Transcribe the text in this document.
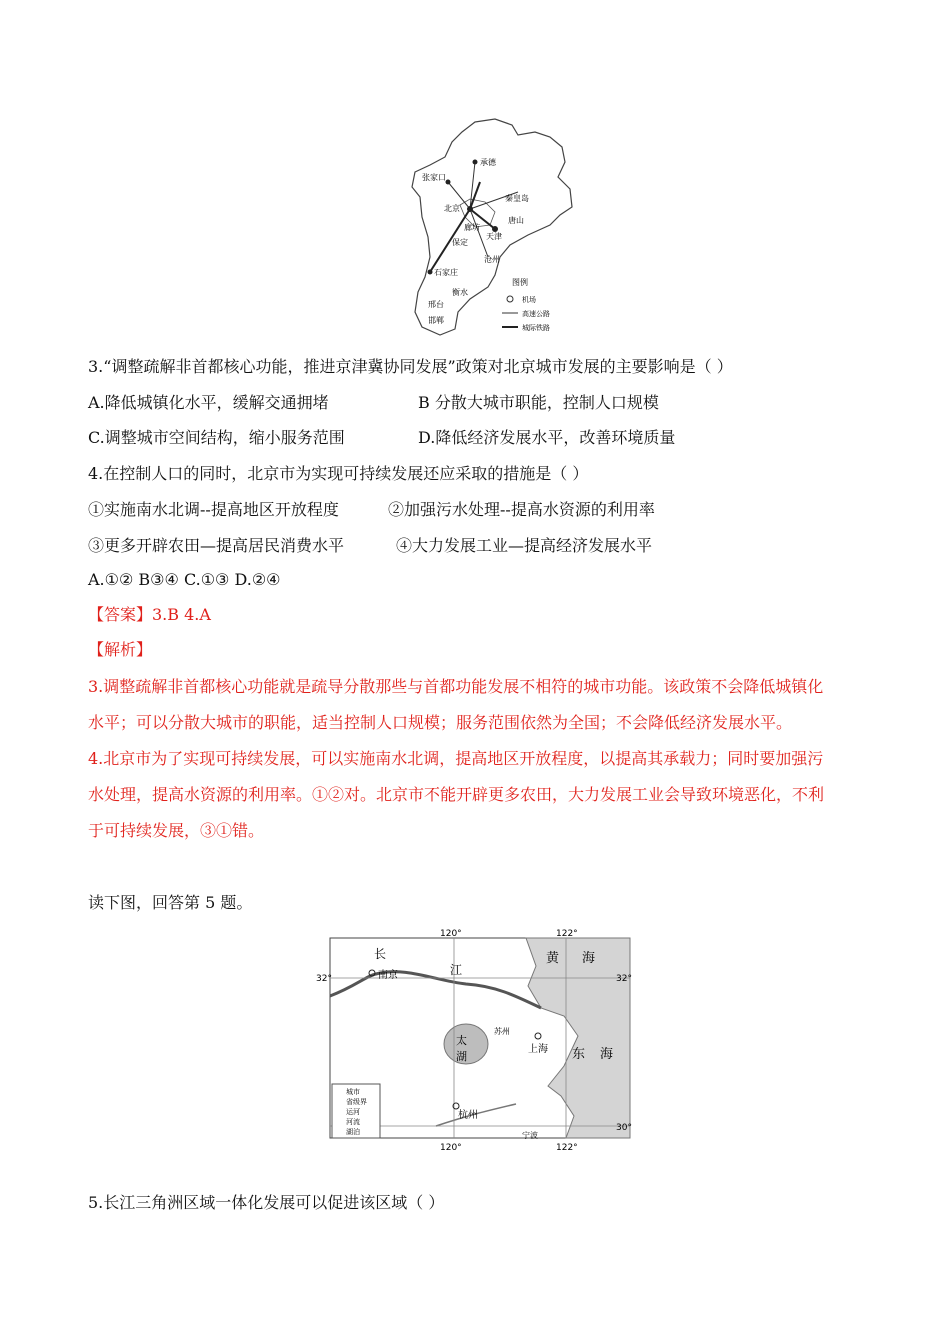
承德
张家口
北京
秦皇岛
唐山
廊坊
天津
保定
沧州
石家庄
衡水
邢台
邯郸
图例
机场
高速公路
城际铁路
3.“调整疏解非首都核心功能，推进京津冀协同发展”政策对北京城市发展的主要影响是（ ）
A.降低城镇化水平，缓解交通拥堵	B 分散大城市职能，控制人口规模
C.调整城市空间结构，缩小服务范围	D.降低经济发展水平，改善环境质量
4.在控制人口的同时，北京市为实现可持续发展还应采取的措施是（ ）
①实施南水北调--提高地区开放程度	②加强污水处理--提高水资源的利用率
③更多开辟农田—提高居民消费水平	④大力发展工业—提高经济发展水平
A.①② B③④ C.①③ D.②④
【答案】3.B 4.A
【解析】
3.调整疏解非首都核心功能就是疏导分散那些与首都功能发展不相符的城市功能。该政策不会降低城镇化
水平；可以分散大城市的职能，适当控制人口规模；服务范围依然为全国；不会降低经济发展水平。
4.北京市为了实现可持续发展，可以实施南水北调，提高地区开放程度，以提高其承载力；同时要加强污
水处理，提高水资源的利用率。①②对。北京市不能开辟更多农田，大力发展工业会导致环境恶化，不利
于可持续发展，③①错。
读下图，回答第 5 题。
120°	122°
120°	122°
32°	32°
30°
南京
苏州
上海
杭州
宁波
长
江
太
湖
黄 海
东 海
城市
省级界
运河
河流
湖泊
5.长江三角洲区域一体化发展可以促进该区域（ ）
